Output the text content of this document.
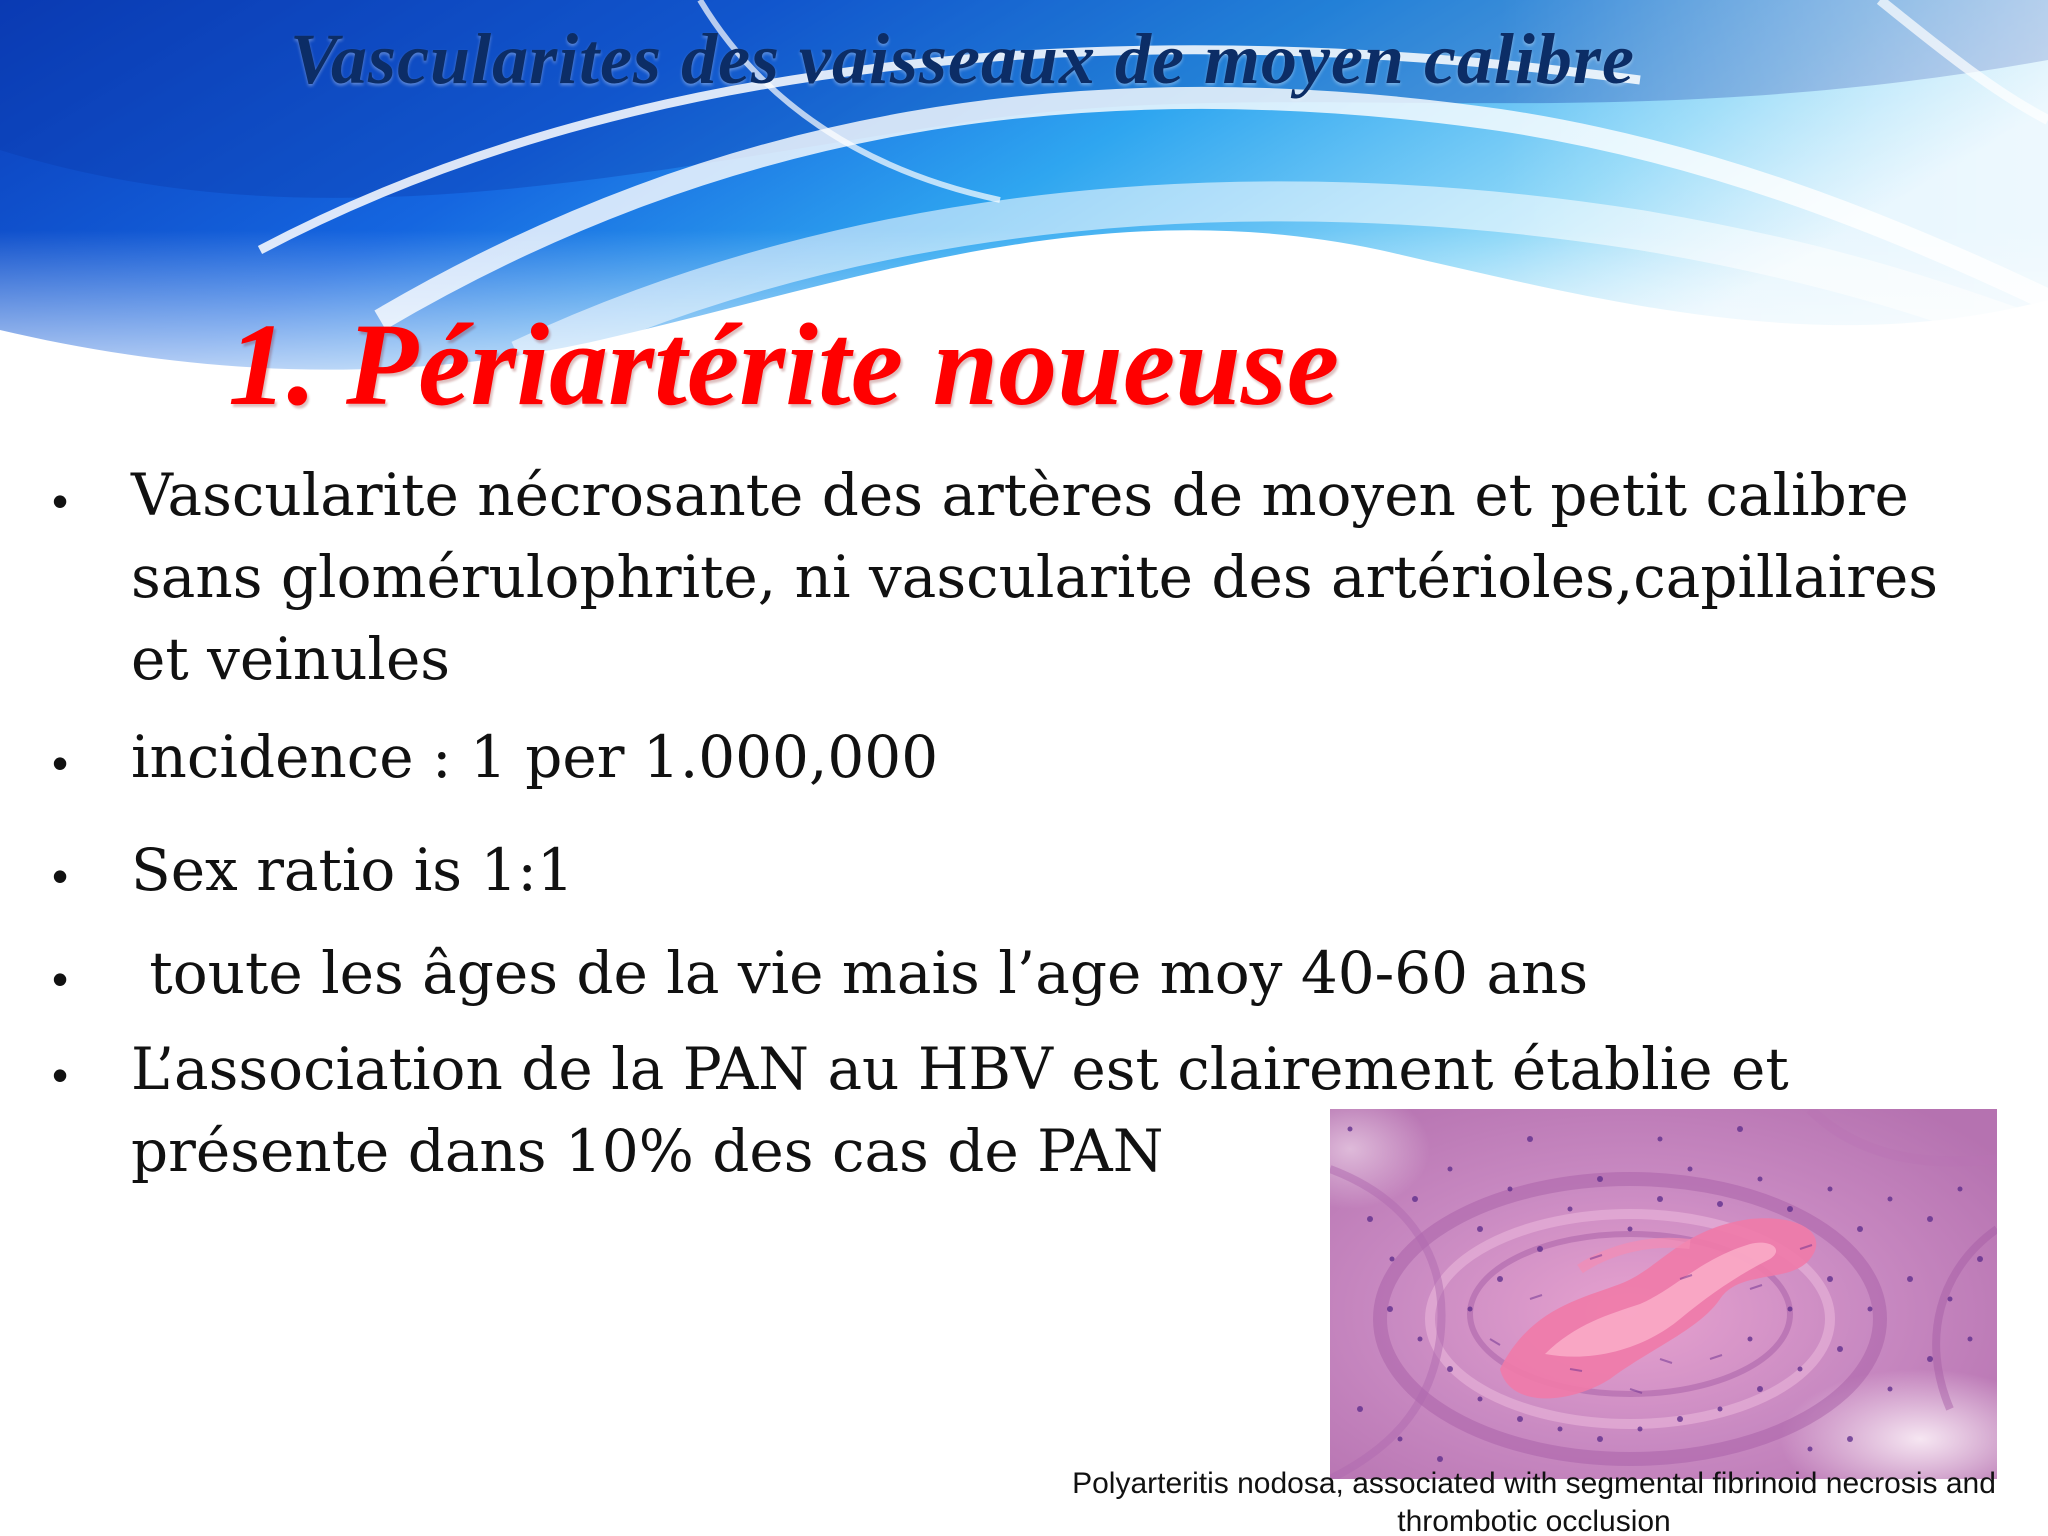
Vascularites des vaisseaux de moyen calibre
1. Périartérite noueuse
• Vascularite nécrosante des artères de moyen et petit calibre sans glomérulophrite, ni vascularite des artérioles,capillaires et veinules
• incidence : 1 per 1.000,000
• Sex ratio is 1:1
• toute les âges de la vie mais l’age moy 40-60 ans
• L’association de la PAN au HBV est clairement établie et présente dans 10% des cas de PAN
Polyarteritis nodosa, associated with segmental fibrinoid necrosis and thrombotic occlusion
